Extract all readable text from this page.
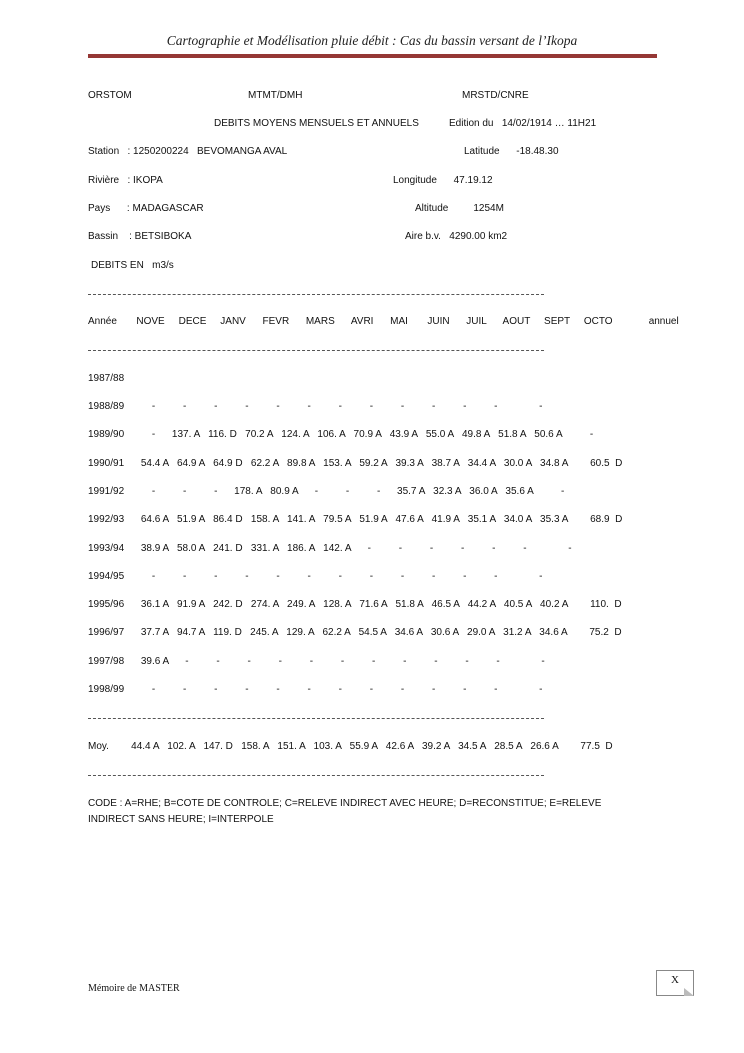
Cartographie et Modélisation pluie débit : Cas du bassin versant de l’Ikopa
ORSTOM	MTMT/DMH	MRSTD/CNRE
DEBITS MOYENS MENSUELS ET ANNUELS	Edition du   14/02/1914 … 11H21
Station   : 1250200224   BEVOMANGA AVAL	Latitude      -18.48.30
Rivière   : IKOPA	Longitude      47.19.12
Pays      : MADAGASCAR	Altitude         1254M
Bassin    : BETSIBOKA	Aire b.v.   4290.00 km2
DEBITS EN   m3/s
Année       NOVE     DECE     JANV      FEVR      MARS      AVRI      MAI       JUIN      JUIL      AOUT     SEPT     OCTO             annuel
1987/88
1988/89          -          -          -          -          -          -          -          -          -          -          -          -               -
1989/90          -      137. A   116. D   70.2 A   124. A   106. A   70.9 A   43.9 A   55.0 A   49.8 A   51.8 A   50.6 A          -
1990/91      54.4 A   64.9 A   64.9 D   62.2 A   89.8 A   153. A   59.2 A   39.3 A   38.7 A   34.4 A   30.0 A   34.8 A        60.5  D
1991/92          -          -          -      178. A   80.9 A      -          -          -      35.7 A   32.3 A   36.0 A   35.6 A          -
1992/93      64.6 A   51.9 A   86.4 D   158. A   141. A   79.5 A   51.9 A   47.6 A   41.9 A   35.1 A   34.0 A   35.3 A        68.9  D
1993/94      38.9 A   58.0 A   241. D   331. A   186. A   142. A      -          -          -          -          -          -               -
1994/95          -          -          -          -          -          -          -          -          -          -          -          -               -
1995/96      36.1 A   91.9 A   242. D   274. A   249. A   128. A   71.6 A   51.8 A   46.5 A   44.2 A   40.5 A   40.2 A        110.  D
1996/97      37.7 A   94.7 A   119. D   245. A   129. A   62.2 A   54.5 A   34.6 A   30.6 A   29.0 A   31.2 A   34.6 A        75.2  D
1997/98      39.6 A      -          -          -          -          -          -          -          -          -          -          -               -
1998/99          -          -          -          -          -          -          -          -          -          -          -          -               -
Moy.        44.4 A   102. A   147. D   158. A   151. A   103. A   55.9 A   42.6 A   39.2 A   34.5 A   28.5 A   26.6 A        77.5  D
CODE : A=RHE; B=COTE DE CONTROLE; C=RELEVE INDIRECT AVEC HEURE; D=RECONSTITUE; E=RELEVE INDIRECT SANS HEURE; I=INTERPOLE
Mémoire de MASTER
X
